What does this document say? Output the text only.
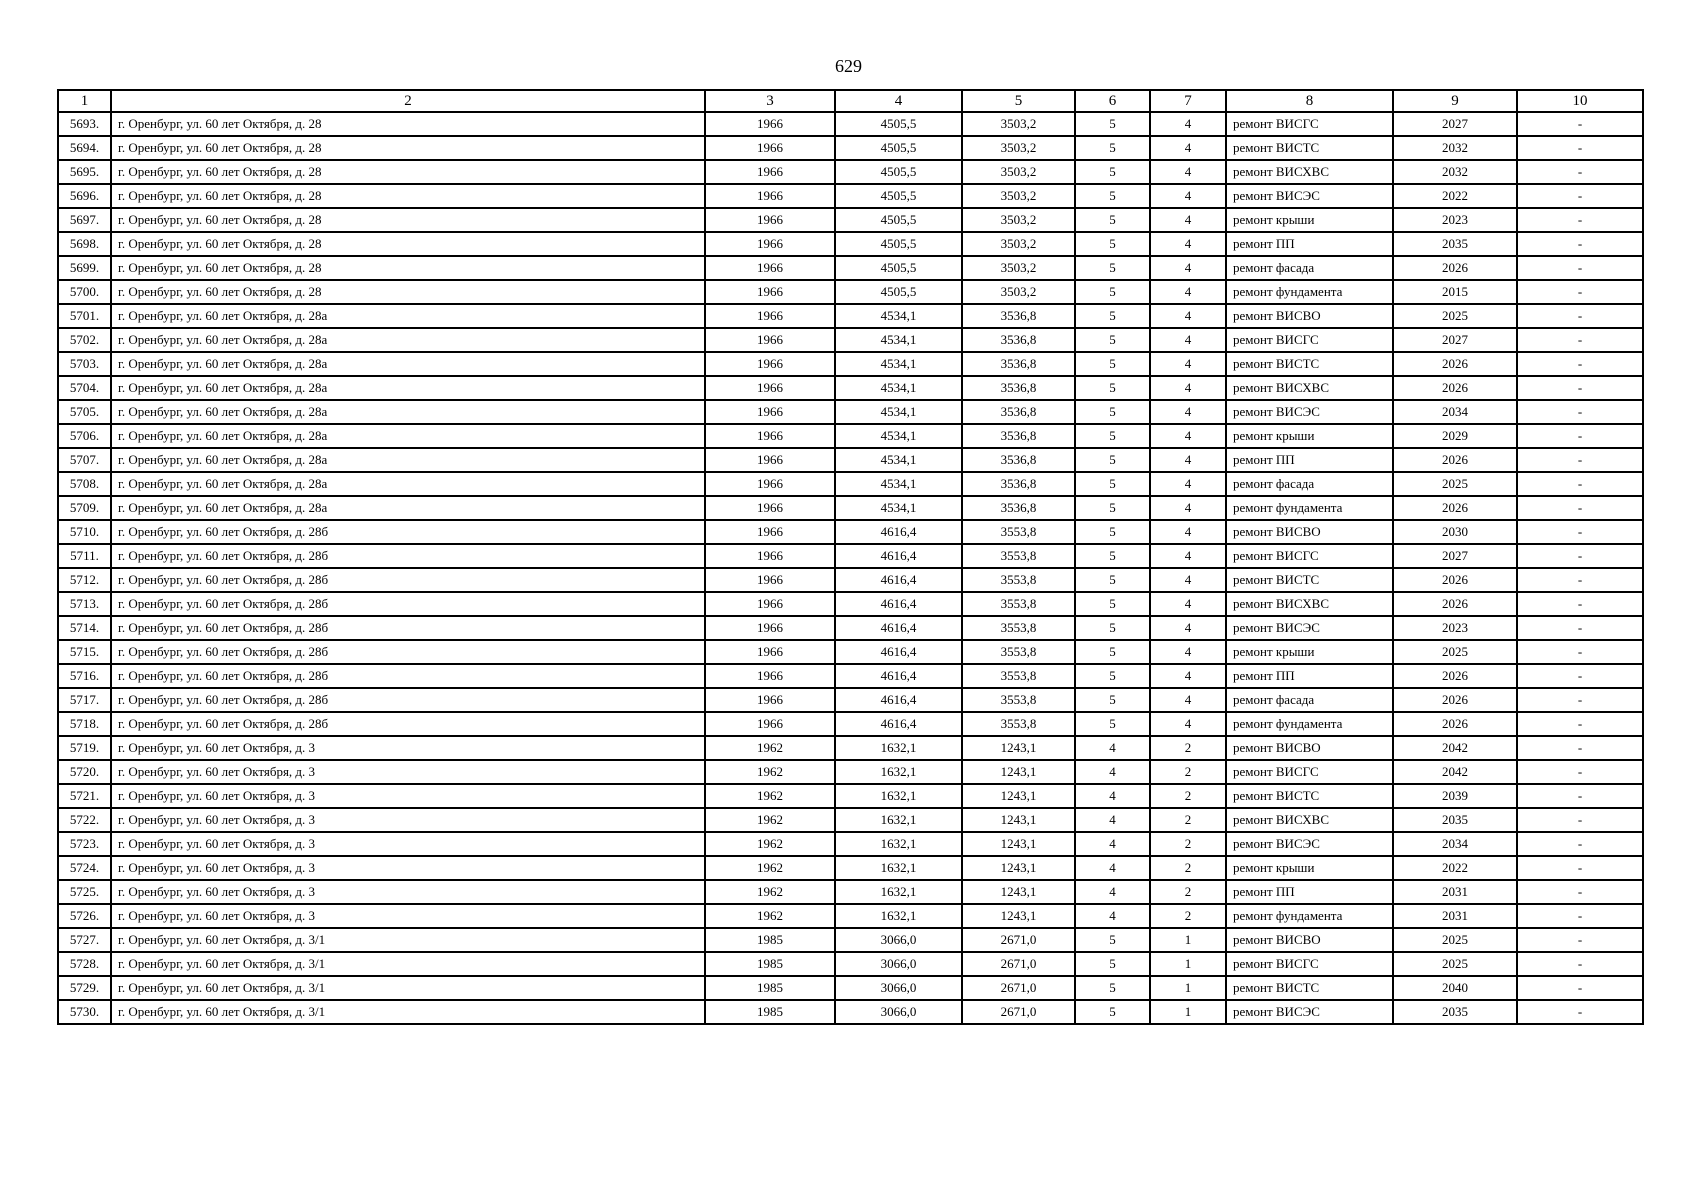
629
1	2	3	4	5	6	7	8	9	10
5693.	г. Оренбург, ул. 60 лет Октября, д. 28	1966	4505,5	3503,2	5	4	ремонт ВИСГС	2027	-
5694.	г. Оренбург, ул. 60 лет Октября, д. 28	1966	4505,5	3503,2	5	4	ремонт ВИСТС	2032	-
5695.	г. Оренбург, ул. 60 лет Октября, д. 28	1966	4505,5	3503,2	5	4	ремонт ВИСХВС	2032	-
5696.	г. Оренбург, ул. 60 лет Октября, д. 28	1966	4505,5	3503,2	5	4	ремонт ВИСЭС	2022	-
5697.	г. Оренбург, ул. 60 лет Октября, д. 28	1966	4505,5	3503,2	5	4	ремонт крыши	2023	-
5698.	г. Оренбург, ул. 60 лет Октября, д. 28	1966	4505,5	3503,2	5	4	ремонт ПП	2035	-
5699.	г. Оренбург, ул. 60 лет Октября, д. 28	1966	4505,5	3503,2	5	4	ремонт фасада	2026	-
5700.	г. Оренбург, ул. 60 лет Октября, д. 28	1966	4505,5	3503,2	5	4	ремонт фундамента	2015	-
5701.	г. Оренбург, ул. 60 лет Октября, д. 28а	1966	4534,1	3536,8	5	4	ремонт ВИСВО	2025	-
5702.	г. Оренбург, ул. 60 лет Октября, д. 28а	1966	4534,1	3536,8	5	4	ремонт ВИСГС	2027	-
5703.	г. Оренбург, ул. 60 лет Октября, д. 28а	1966	4534,1	3536,8	5	4	ремонт ВИСТС	2026	-
5704.	г. Оренбург, ул. 60 лет Октября, д. 28а	1966	4534,1	3536,8	5	4	ремонт ВИСХВС	2026	-
5705.	г. Оренбург, ул. 60 лет Октября, д. 28а	1966	4534,1	3536,8	5	4	ремонт ВИСЭС	2034	-
5706.	г. Оренбург, ул. 60 лет Октября, д. 28а	1966	4534,1	3536,8	5	4	ремонт крыши	2029	-
5707.	г. Оренбург, ул. 60 лет Октября, д. 28а	1966	4534,1	3536,8	5	4	ремонт ПП	2026	-
5708.	г. Оренбург, ул. 60 лет Октября, д. 28а	1966	4534,1	3536,8	5	4	ремонт фасада	2025	-
5709.	г. Оренбург, ул. 60 лет Октября, д. 28а	1966	4534,1	3536,8	5	4	ремонт фундамента	2026	-
5710.	г. Оренбург, ул. 60 лет Октября, д. 28б	1966	4616,4	3553,8	5	4	ремонт ВИСВО	2030	-
5711.	г. Оренбург, ул. 60 лет Октября, д. 28б	1966	4616,4	3553,8	5	4	ремонт ВИСГС	2027	-
5712.	г. Оренбург, ул. 60 лет Октября, д. 28б	1966	4616,4	3553,8	5	4	ремонт ВИСТС	2026	-
5713.	г. Оренбург, ул. 60 лет Октября, д. 28б	1966	4616,4	3553,8	5	4	ремонт ВИСХВС	2026	-
5714.	г. Оренбург, ул. 60 лет Октября, д. 28б	1966	4616,4	3553,8	5	4	ремонт ВИСЭС	2023	-
5715.	г. Оренбург, ул. 60 лет Октября, д. 28б	1966	4616,4	3553,8	5	4	ремонт крыши	2025	-
5716.	г. Оренбург, ул. 60 лет Октября, д. 28б	1966	4616,4	3553,8	5	4	ремонт ПП	2026	-
5717.	г. Оренбург, ул. 60 лет Октября, д. 28б	1966	4616,4	3553,8	5	4	ремонт фасада	2026	-
5718.	г. Оренбург, ул. 60 лет Октября, д. 28б	1966	4616,4	3553,8	5	4	ремонт фундамента	2026	-
5719.	г. Оренбург, ул. 60 лет Октября, д. 3	1962	1632,1	1243,1	4	2	ремонт ВИСВО	2042	-
5720.	г. Оренбург, ул. 60 лет Октября, д. 3	1962	1632,1	1243,1	4	2	ремонт ВИСГС	2042	-
5721.	г. Оренбург, ул. 60 лет Октября, д. 3	1962	1632,1	1243,1	4	2	ремонт ВИСТС	2039	-
5722.	г. Оренбург, ул. 60 лет Октября, д. 3	1962	1632,1	1243,1	4	2	ремонт ВИСХВС	2035	-
5723.	г. Оренбург, ул. 60 лет Октября, д. 3	1962	1632,1	1243,1	4	2	ремонт ВИСЭС	2034	-
5724.	г. Оренбург, ул. 60 лет Октября, д. 3	1962	1632,1	1243,1	4	2	ремонт крыши	2022	-
5725.	г. Оренбург, ул. 60 лет Октября, д. 3	1962	1632,1	1243,1	4	2	ремонт ПП	2031	-
5726.	г. Оренбург, ул. 60 лет Октября, д. 3	1962	1632,1	1243,1	4	2	ремонт фундамента	2031	-
5727.	г. Оренбург, ул. 60 лет Октября, д. 3/1	1985	3066,0	2671,0	5	1	ремонт ВИСВО	2025	-
5728.	г. Оренбург, ул. 60 лет Октября, д. 3/1	1985	3066,0	2671,0	5	1	ремонт ВИСГС	2025	-
5729.	г. Оренбург, ул. 60 лет Октября, д. 3/1	1985	3066,0	2671,0	5	1	ремонт ВИСТС	2040	-
5730.	г. Оренбург, ул. 60 лет Октября, д. 3/1	1985	3066,0	2671,0	5	1	ремонт ВИСЭС	2035	-
